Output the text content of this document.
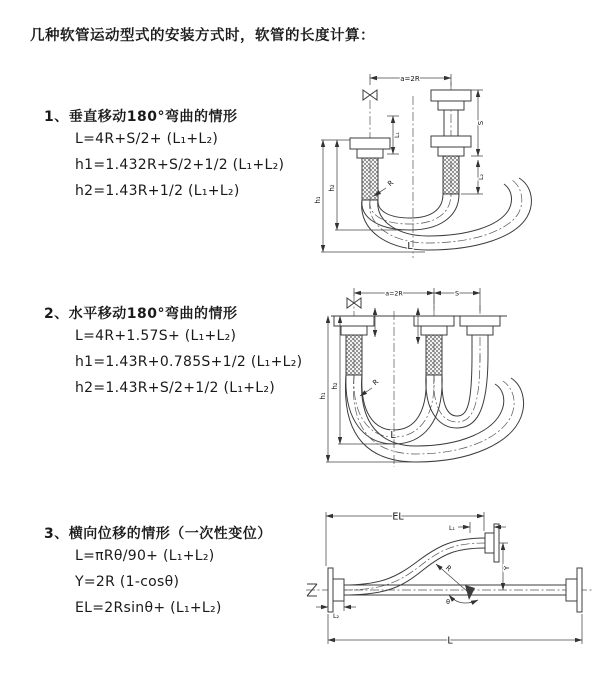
几种软管运动型式的安装方式时，软管的长度计算：
1、垂直移动180°弯曲的情形
L=4R+S/2+ (L₁+L₂)
h1=1.432R+S/2+1/2 (L₁+L₂)
h2=1.43R+1/2 (L₁+L₂)
a=2R
h₁
h₂
L₁
S
L₂
R
L
2、水平移动180°弯曲的情形
L=4R+1.57S+ (L₁+L₂)
h1=1.43R+0.785S+1/2 (L₁+L₂)
h2=1.43R+S/2+1/2 (L₁+L₂)
a=2R	S
h₁
h₂	R
L
3、横向位移的情形（一次性变位）
L=πRθ/90+ (L₁+L₂)
Y=2R (1-cosθ)
EL=2Rsinθ+ (L₁+L₂)
EL
L₁
Y
R
θ
L₂
L
